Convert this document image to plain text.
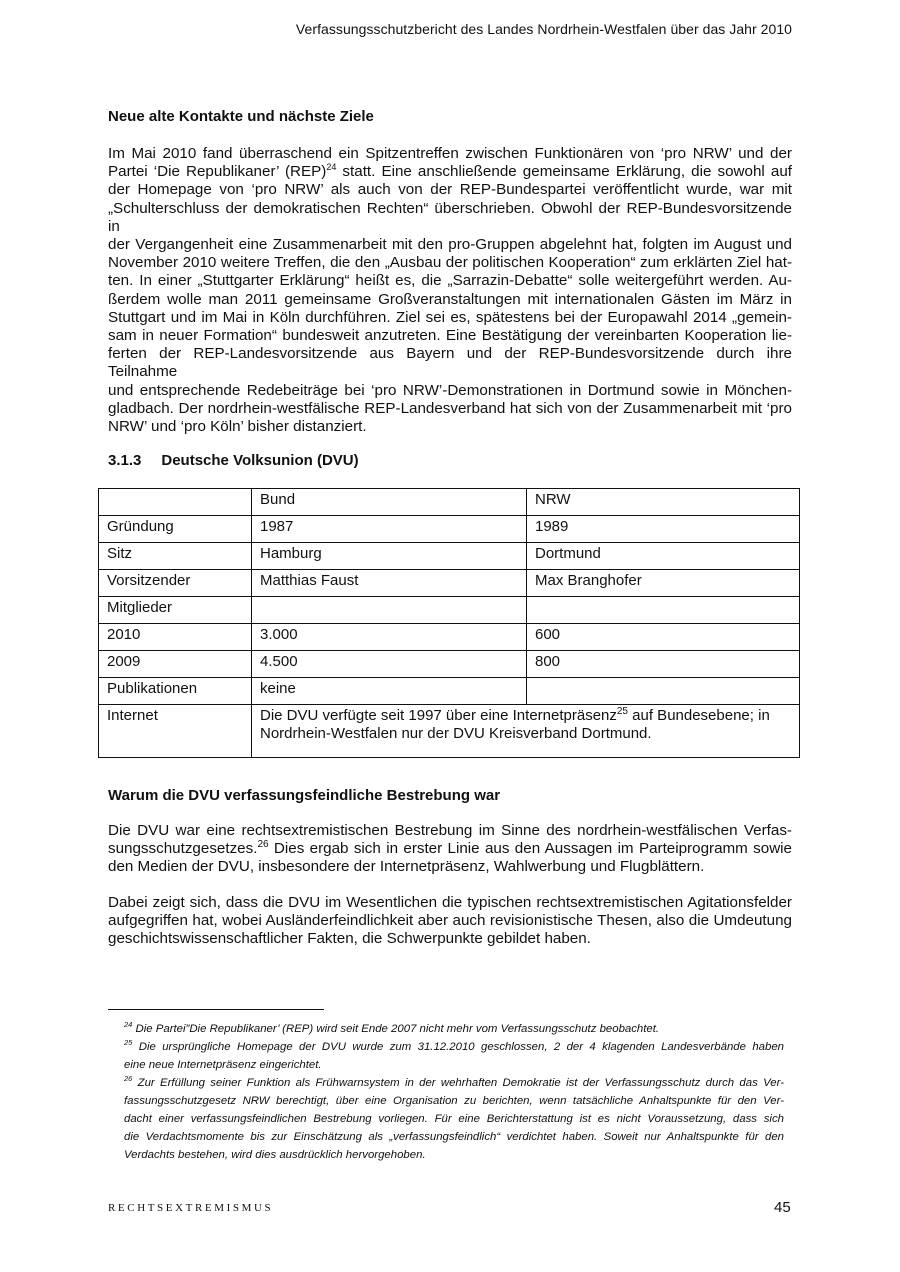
Verfassungsschutzbericht des Landes Nordrhein-Westfalen über das Jahr 2010
Neue alte Kontakte und nächste Ziele
Im Mai 2010 fand überraschend ein Spitzentreffen zwischen Funktionären von ‘pro NRW’ und der
Partei ‘Die Republikaner’ (REP)$^{24}$ statt. Eine anschließende gemeinsame Erklärung, die sowohl auf
der Homepage von ‘pro NRW’ als auch von der REP-Bundespartei veröffentlicht wurde, war mit
„Schulterschluss der demokratischen Rechten“ überschrieben. Obwohl der REP-Bundesvorsitzende in
der Vergangenheit eine Zusammenarbeit mit den pro-Gruppen abgelehnt hat, folgten im August und
November 2010 weitere Treffen, die den „Ausbau der politischen Kooperation“ zum erklärten Ziel hat-
ten. In einer „Stuttgarter Erklärung“ heißt es, die „Sarrazin-Debatte“ solle weitergeführt werden. Au-
ßerdem wolle man 2011 gemeinsame Großveranstaltungen mit internationalen Gästen im März in
Stuttgart und im Mai in Köln durchführen. Ziel sei es, spätestens bei der Europawahl 2014 „gemein-
sam in neuer Formation“ bundesweit anzutreten. Eine Bestätigung der vereinbarten Kooperation lie-
ferten der REP-Landesvorsitzende aus Bayern und der REP-Bundesvorsitzende durch ihre Teilnahme
und entsprechende Redebeiträge bei ‘pro NRW’-Demonstrationen in Dortmund sowie in Mönchen-
gladbach. Der nordrhein-westfälische REP-Landesverband hat sich von der Zusammenarbeit mit ‘pro
NRW’ und ‘pro Köln’ bisher distanziert.
3.1.3 Deutsche Volksunion (DVU)
	Bund	NRW
Gründung	1987	1989
Sitz	Hamburg	Dortmund
Vorsitzender	Matthias Faust	Max Branghofer
Mitglieder		
2010	3.000	600
2009	4.500	800
Publikationen	keine	
Internet	Die DVU verfügte seit 1997 über eine Internetpräsenz$^{25}$ auf Bundesebene; in Nordrhein-Westfalen nur der DVU Kreisverband Dortmund.	
Warum die DVU verfassungsfeindliche Bestrebung war
Die DVU war eine rechtsextremistischen Bestrebung im Sinne des nordrhein-westfälischen Verfas-
sungsschutzgesetzes.$^{26}$ Dies ergab sich in erster Linie aus den Aussagen im Parteiprogramm sowie
den Medien der DVU, insbesondere der Internetpräsenz, Wahlwerbung und Flugblättern.
Dabei zeigt sich, dass die DVU im Wesentlichen die typischen rechtsextremistischen Agitationsfelder
aufgegriffen hat, wobei Ausländerfeindlichkeit aber auch revisionistische Thesen, also die Umdeutung
geschichtswissenschaftlicher Fakten, die Schwerpunkte gebildet haben.
$^{24}$ Die Partei”Die Republikaner’ (REP) wird seit Ende 2007 nicht mehr vom Verfassungsschutz beobachtet.
$^{25}$ Die ursprüngliche Homepage der DVU wurde zum 31.12.2010 geschlossen, 2 der 4 klagenden Landesverbände haben
eine neue Internetpräsenz eingerichtet.
$^{26}$ Zur Erfüllung seiner Funktion als Frühwarnsystem in der wehrhaften Demokratie ist der Verfassungsschutz durch das Ver-
fassungsschutzgesetz NRW berechtigt, über eine Organisation zu berichten, wenn tatsächliche Anhaltspunkte für den Ver-
dacht einer verfassungsfeindlichen Bestrebung vorliegen. Für eine Berichterstattung ist es nicht Voraussetzung, dass sich
die Verdachtsmomente bis zur Einschätzung als „verfassungsfeindlich“ verdichtet haben. Soweit nur Anhaltspunkte für den
Verdachts bestehen, wird dies ausdrücklich hervorgehoben.
RECHTSEXTREMISMUS	45
